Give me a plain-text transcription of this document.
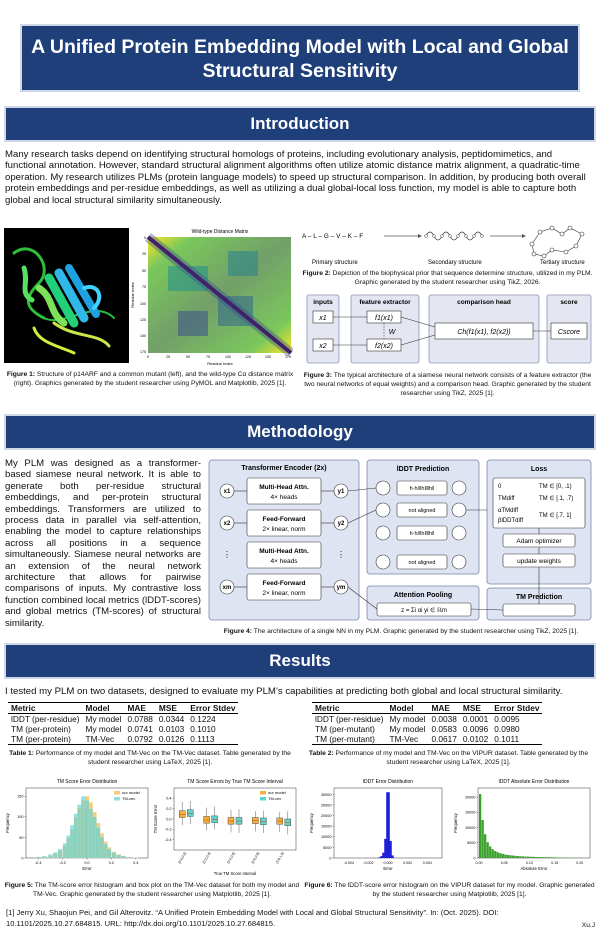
A Unified Protein Embedding Model with Local and Global Structural Sensitivity
Introduction
Many research tasks depend on identifying structural homologs of proteins, including evolutionary analysis, peptidomimetics, and functional annotation. However, standard structural alignment algorithms often utilize atomic distance matrix alignment, a quadratic-time operation. My research utilizes PLMs (protein language models) to speed up structural comparison. In addition, by producing both overall protein embeddings and per-residue embeddings, as well as utilizing a dual global-local loss function, my model is able to capture both global and local structural similarity simultaneously.
Wild-type Distance Matrix
Residue Index
Residue Index
0
25
50
75
100
125
150
175
0	25	50	75	100	125	150	175
Figure 1: Structure of p14ARF and a common mutant (left), and the wild-type Cα distance matrix (right). Graphics generated by the student researcher using PyMOL and Matplotlib, 2025 [1].
A – L – G – V – K – F
Primary structure	Secondary structure	Tertiary structure
Figure 2: Depiction of the biophysical prior that sequence determine structure, utilized in my PLM. Graphic generated by the student researcher using TikZ, 2026.
inputs	feature extractor	comparison head	score
x1
x2
f1(x1)
f2(x2)
W	Ch(f1(x1), f2(x2))	Cscore
Figure 3: The typical architecture of a siamese neural network consists of a feature extractor (the two neural networks of equal weights) and a comparison head. Graphic generated by the student researcher using TikZ, 2025 [1].
Methodology
My PLM was designed as a transformer-based siamese neural network. It is able to generate both per-residue structural embeddings, and per-protein structural embeddings. Transformers are utilized to process data in parallel via self-attention, enabling the model to capture relationships across all positions in a sequence simultaneously. Siamese neural networks are an extension of the neural network architecture that allows for pairwise comparisons of inputs. My contrastive loss function combined local metrics (lDDT-scores) and global metrics (TM-scores) of structural similarity.
Transformer Encoder (2x)	lDDT Prediction	Loss
Attention Pooling	TM Prediction
Multi-Head Attn.
4× heads
Feed-Forward
2× linear, norm
Multi-Head Attn.
4× heads
Feed-Forward
2× linear, norm
Adam optimizer
update weights
z = Σi αi yi ∈ ℝm
x1
x2
xm
y1
y2
ym
⋮	⋮
h·h/‖h‖‖h‖
not aligned
h·h/‖h‖‖h‖
not aligned
0
TMdiff
αTMdiff
βlDDTdiff
TM ∈ [0, .1)
TM ∈ [.1, .7)
TM ∈ [.7, 1]
Figure 4: The architecture of a single NN in my PLM. Graphic generated by the student researcher using TikZ, 2025 [1].
Results
I tested my PLM on two datasets, designed to evaluate my PLM’s capabilities at predicting both global and local structural similarity.
Metric	Model	MAE	MSE	Error Stdev
lDDT (per-residue)	My model	0.0788	0.0344	0.1224
TM (per-protein)	My model	0.0741	0.0103	0.1010
TM (per-protein)	TM-Vec	0.0792	0.0126	0.1113
Table 1: Performance of my model and TM-Vec on the TM-Vec dataset. Table generated by the student researcher using LaTeX, 2025 [1].
Metric	Model	MAE	MSE	Error Stdev
lDDT (per-residue)	My model	0.0038	0.0001	0.0095
TM (per-mutant)	My model	0.0583	0.0096	0.0980
TM (per-mutant)	TM-Vec	0.0617	0.0102	0.1011
Table 2: Performance of my model and TM-Vec on the VIPUR dataset. Table generated by the student researcher using LaTeX, 2025 [1].
TM Score Error Distribution
Error
Frequency
0
50
100
150
-0.4	-0.2	0.0	0.2	0.4
our model
TM-vec
TM Score Errors by True TM Score Interval
True TM Score Interval
TM Score Error
-0.4
-0.2
0.0
0.2
0.4
(0.0,0.2]	(0.2,0.4]	(0.4,0.6]	(0.6,0.8]	(0.8,1.0]
our model
TM-vec
lDDT Error Distribution
Error
Frequency
0
5000
10000
15000
20000
25000
30000
-0.004	-0.002	0.000	0.002	0.004
lDDT Absolute Error Distribution
Absolute Error
Frequency
0
5000
10000
15000
20000
0.00	0.05	0.10	0.15	0.20
Figure 5: The TM-score error histogram and box plot on the TM-Vec dataset for both my model and TM-Vec. Graphic generated by the student researcher using Matplotlib, 2025 [1].
Figure 6: The lDDT-score error histogram on the VIPUR dataset for my model. Graphic generated by the student researcher using Matplotlib, 2025 [1].
[1] Jerry Xu, Shaojun Pei, and Gil Alterovitz. “A Unified Protein Embedding Model with Local and Global Structural Sensitivity”. In: (Oct. 2025). DOI: 10.1101/2025.10.27.684815. URL: http://dx.doi.org/10.1101/2025.10.27.684815.	Xu.J
